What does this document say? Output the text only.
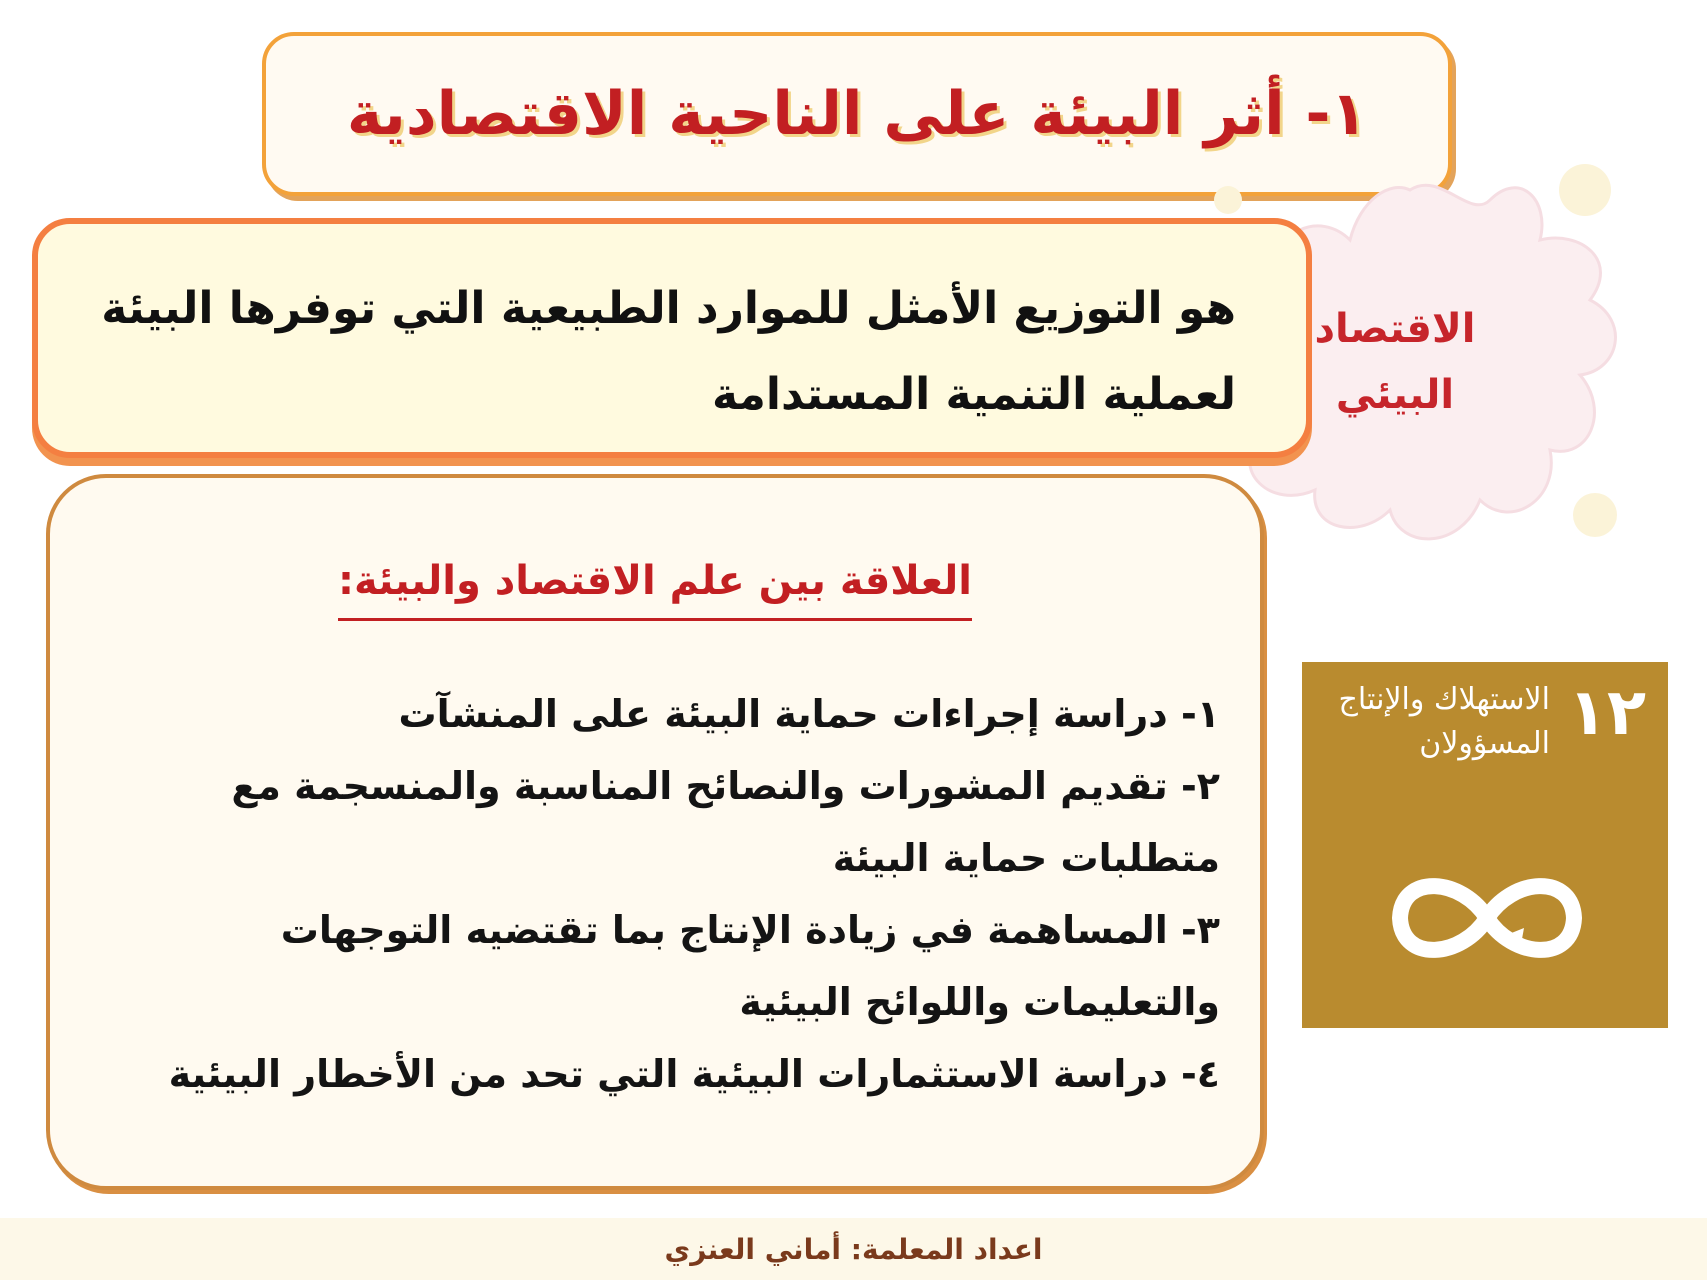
١- أثر البيئة على الناحية الاقتصادية
هو التوزيع الأمثل للموارد الطبيعية التي توفرها البيئة لعملية التنمية المستدامة
الاقتصاد البيئي
العلاقة بين علم الاقتصاد والبيئة:
١- دراسة إجراءات حماية البيئة على المنشآت
٢- تقديم المشورات والنصائح المناسبة والمنسجمة مع متطلبات حماية البيئة
٣- المساهمة في زيادة الإنتاج بما تقتضيه التوجهات والتعليمات واللوائح البيئية
٤- دراسة الاستثمارات البيئية التي تحد من الأخطار البيئية
١٢
الاستهلاك والإنتاج المسؤولان
اعداد المعلمة: أماني العنزي
